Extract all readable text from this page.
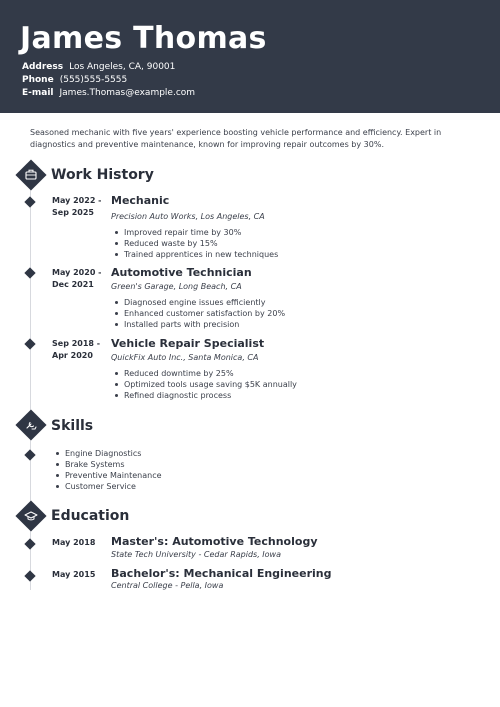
James Thomas
Address Los Angeles, CA, 90001
Phone (555)555-5555
E-mail James.Thomas@example.com
Seasoned mechanic with five years' experience boosting vehicle performance and efficiency. Expert in diagnostics and preventive maintenance, known for improving repair outcomes by 30%.
Work History
May 2022 -
Sep 2025
Mechanic
Precision Auto Works, Los Angeles, CA
Improved repair time by 30%
Reduced waste by 15%
Trained apprentices in new techniques
May 2020 -
Dec 2021
Automotive Technician
Green's Garage, Long Beach, CA
Diagnosed engine issues efficiently
Enhanced customer satisfaction by 20%
Installed parts with precision
Sep 2018 -
Apr 2020
Vehicle Repair Specialist
QuickFix Auto Inc., Santa Monica, CA
Reduced downtime by 25%
Optimized tools usage saving $5K annually
Refined diagnostic process
Skills
Engine Diagnostics
Brake Systems
Preventive Maintenance
Customer Service
Education
May 2018 Master's: Automotive Technology
State Tech University - Cedar Rapids, Iowa
May 2015 Bachelor's: Mechanical Engineering
Central College - Pella, Iowa
